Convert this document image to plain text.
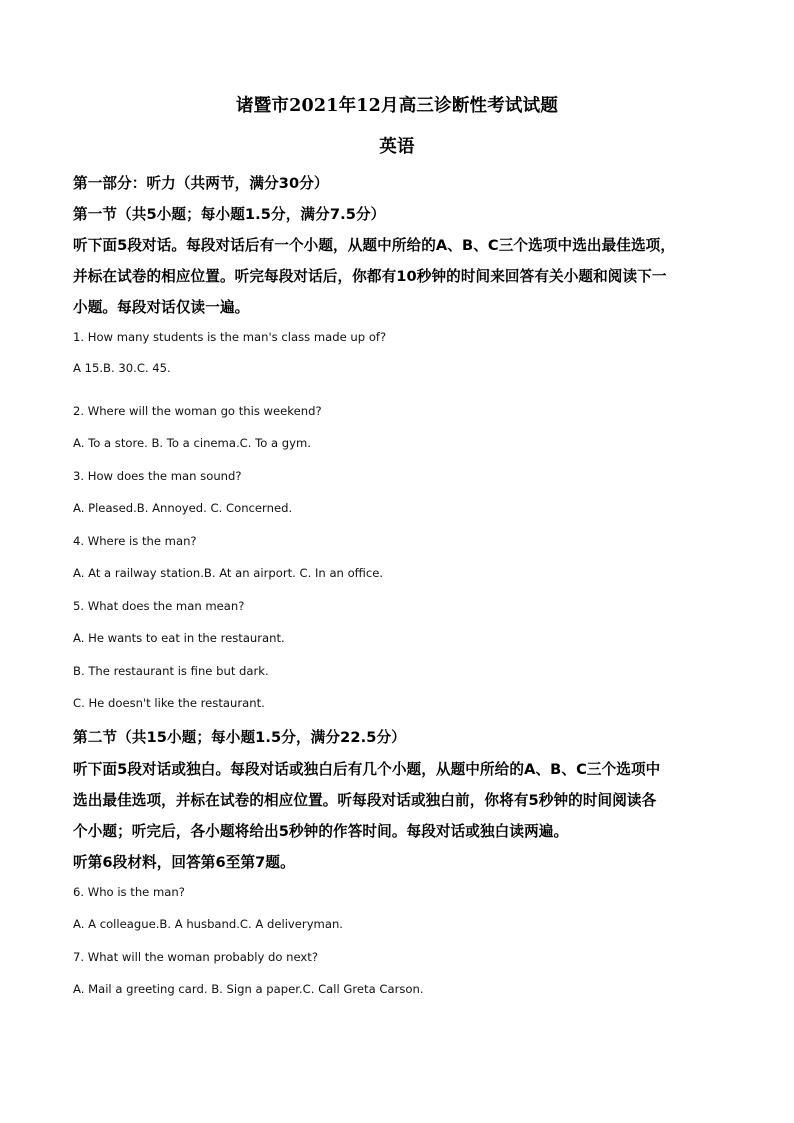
诸暨市2021年12月高三诊断性考试试题
英语
第一部分：听力（共两节，满分30分）
第一节（共5小题；每小题1.5分，满分7.5分）
听下面5段对话。每段对话后有一个小题，从题中所给的A、B、C三个选项中选出最佳选项，
并标在试卷的相应位置。听完每段对话后，你都有10秒钟的时间来回答有关小题和阅读下一
小题。每段对话仅读一遍。
1. How many students is the man's class made up of?
A 15.B. 30.C. 45.
2. Where will the woman go this weekend?
A. To a store. B. To a cinema.C. To a gym.
3. How does the man sound?
A. Pleased.B. Annoyed. C. Concerned.
4. Where is the man?
A. At a railway station.B. At an airport. C. In an office.
5. What does the man mean?
A. He wants to eat in the restaurant.
B. The restaurant is fine but dark.
C. He doesn't like the restaurant.
第二节（共15小题；每小题1.5分，满分22.5分）
听下面5段对话或独白。每段对话或独白后有几个小题，从题中所给的A、B、C三个选项中
选出最佳选项，并标在试卷的相应位置。听每段对话或独白前，你将有5秒钟的时间阅读各
个小题；听完后，各小题将给出5秒钟的作答时间。每段对话或独白读两遍。
听第6段材料，回答第6至第7题。
6. Who is the man?
A. A colleague.B. A husband.C. A deliveryman.
7. What will the woman probably do next?
A. Mail a greeting card. B. Sign a paper.C. Call Greta Carson.
